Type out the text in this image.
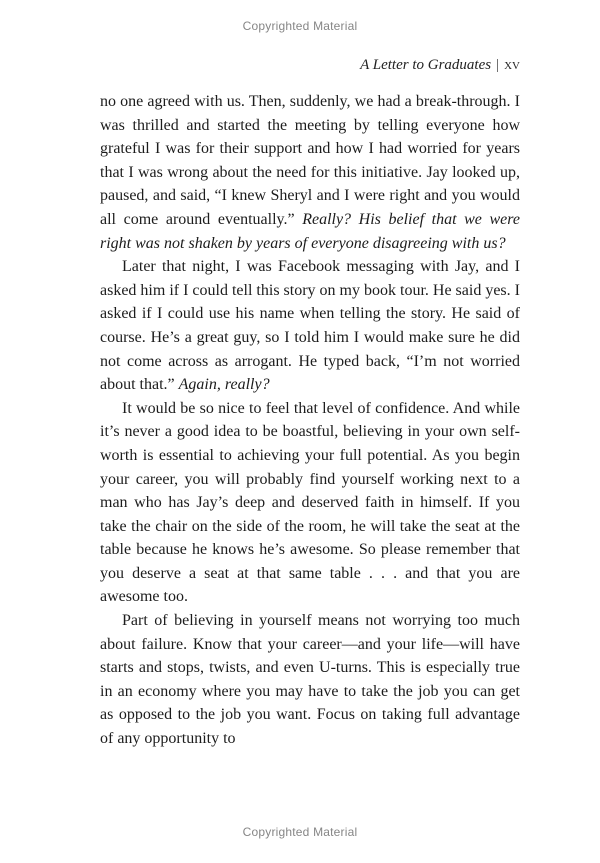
Copyrighted Material
A Letter to Graduates | xv

no one agreed with us. Then, suddenly, we had a break-through. I was thrilled and started the meeting by telling everyone how grateful I was for their support and how I had worried for years that I was wrong about the need for this initiative. Jay looked up, paused, and said, “I knew Sheryl and I were right and you would all come around eventually.” Really? His belief that we were right was not shaken by years of everyone disagreeing with us?

Later that night, I was Facebook messaging with Jay, and I asked him if I could tell this story on my book tour. He said yes. I asked if I could use his name when telling the story. He said of course. He’s a great guy, so I told him I would make sure he did not come across as arrogant. He typed back, “I’m not worried about that.” Again, really?

It would be so nice to feel that level of confidence. And while it’s never a good idea to be boastful, believing in your own self-worth is essential to achieving your full potential. As you begin your career, you will probably find yourself working next to a man who has Jay’s deep and deserved faith in himself. If you take the chair on the side of the room, he will take the seat at the table because he knows he’s awesome. So please remember that you deserve a seat at that same table . . . and that you are awesome too.

Part of believing in yourself means not worrying too much about failure. Know that your career—and your life—will have starts and stops, twists, and even U-turns. This is especially true in an economy where you may have to take the job you can get as opposed to the job you want. Focus on taking full advantage of any opportunity to

Copyrighted Material
